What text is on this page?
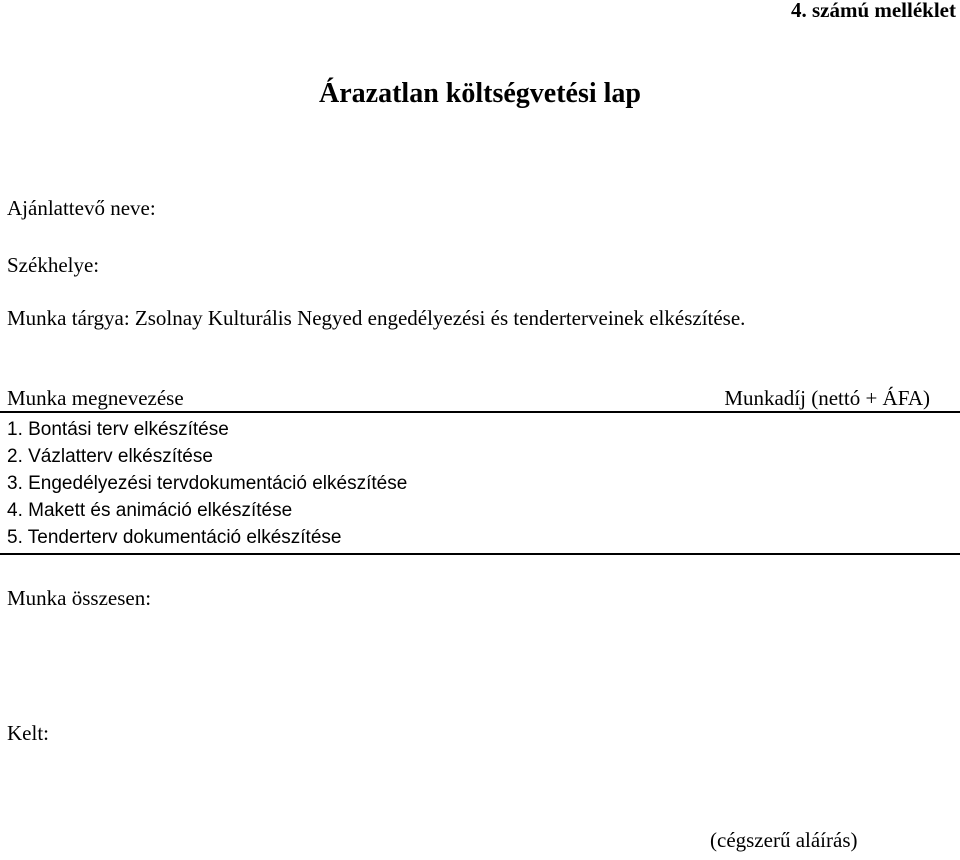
4. számú melléklet
Árazatlan költségvetési lap
Ajánlattevő neve:
Székhelye:
Munka tárgya: Zsolnay Kulturális Negyed engedélyezési és tenderterveinek elkészítése.
Munka megnevezése	Munkadíj (nettó + ÁFA)
1. Bontási terv elkészítése
2. Vázlatterv elkészítése
3. Engedélyezési tervdokumentáció elkészítése
4. Makett és animáció elkészítése
5. Tenderterv dokumentáció elkészítése
Munka összesen:
Kelt:
(cégszerű aláírás)
